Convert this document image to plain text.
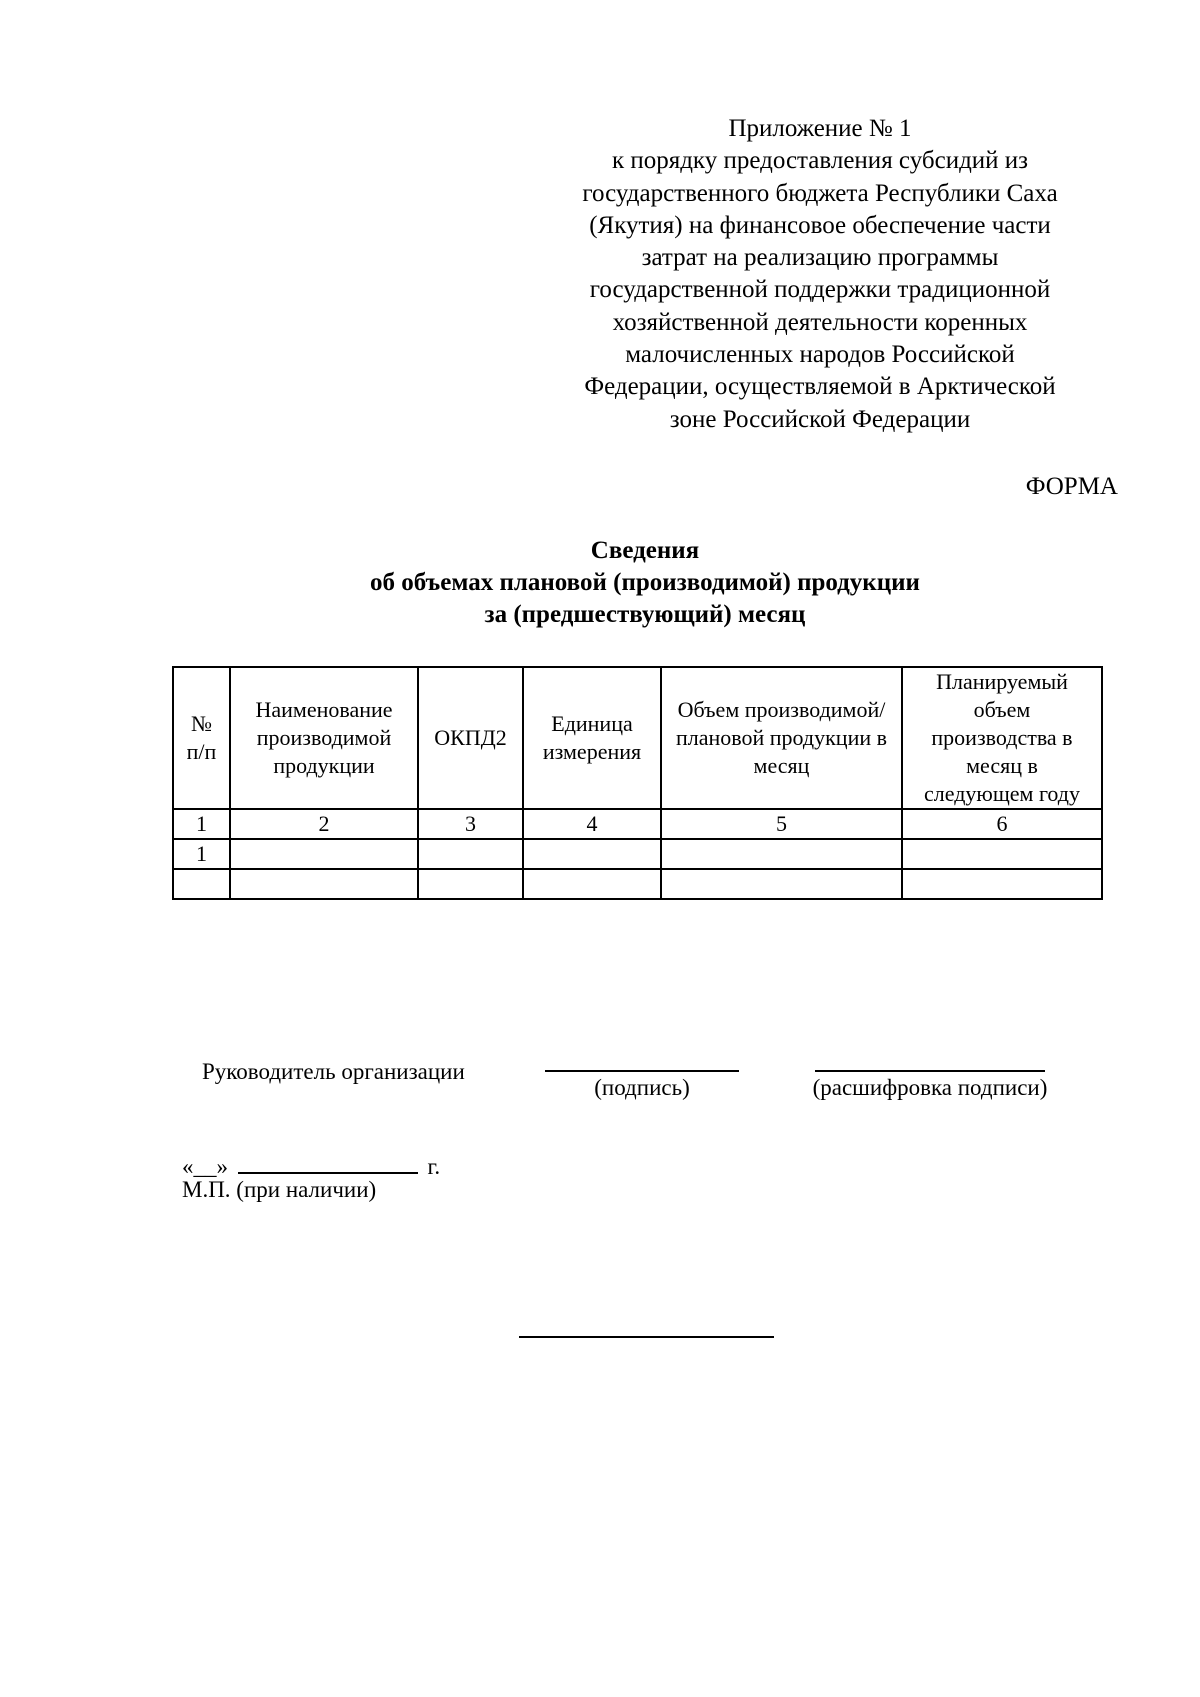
Приложение № 1
к порядку предоставления субсидий из
государственного бюджета Республики Саха
(Якутия) на финансовое обеспечение части
затрат на реализацию программы
государственной поддержки традиционной
хозяйственной деятельности коренных
малочисленных народов Российской
Федерации, осуществляемой в Арктической
зоне Российской Федерации
ФОРМА
Сведения
об объемах плановой (производимой) продукции
за (предшествующий) месяц
№ п/п	Наименование производимой продукции	ОКПД2	Единица измерения	Объем производимой/ плановой продукции в месяц	Планируемый объем производства в месяц в следующем году
1	2	3	4	5	6
1					

Руководитель организации
(подпись)	(расшифровка подписи)
«__»	г.
М.П. (при наличии)
